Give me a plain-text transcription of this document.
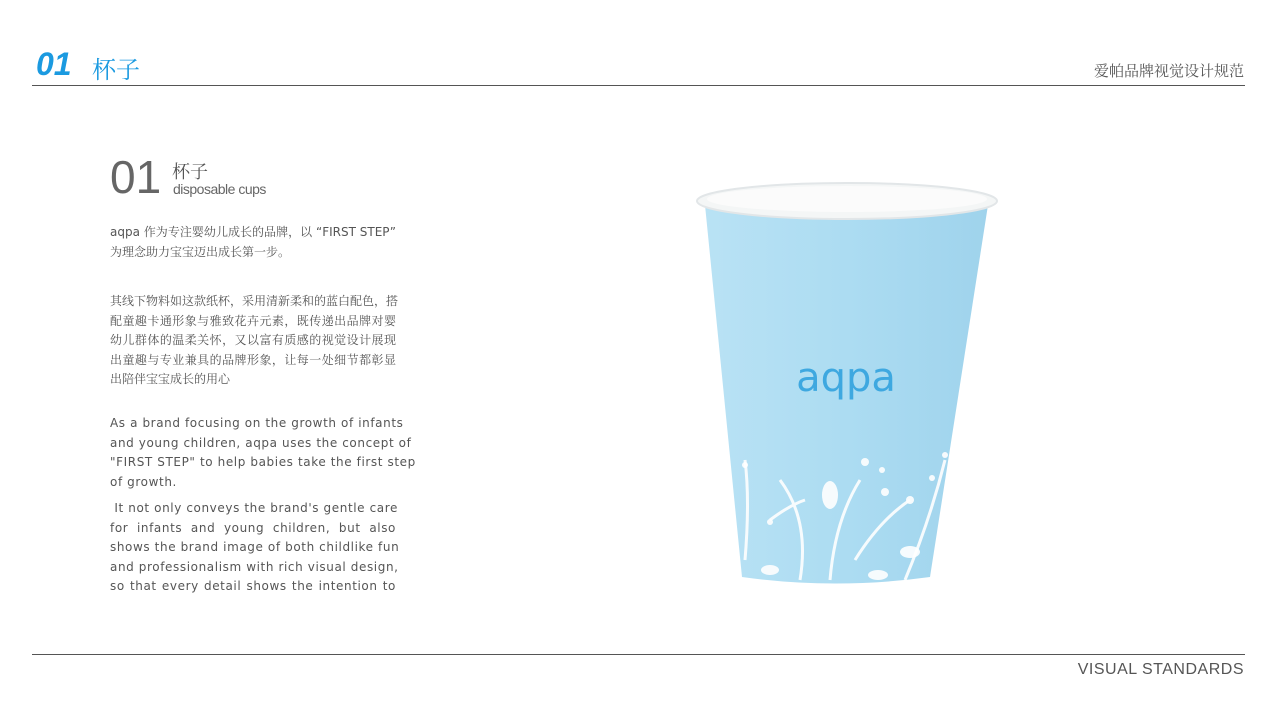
01 杯子	爱帕品牌视觉设计规范
01 杯子
disposable cups
aqpa 作为专注婴幼儿成长的品牌，以 “FIRST STEP”
为理念助力宝宝迈出成长第一步。
其线下物料如这款纸杯，采用清新柔和的蓝白配色，搭
配童趣卡通形象与雅致花卉元素，既传递出品牌对婴
幼儿群体的温柔关怀，又以富有质感的视觉设计展现
出童趣与专业兼具的品牌形象，让每一处细节都彰显
出陪伴宝宝成长的用心
As a brand focusing on the growth of infants
and young children, aqpa uses the concept of
"FIRST STEP" to help babies take the first step
of growth.
It not only conveys the brand's gentle care
for infants and young children, but also
shows the brand image of both childlike fun
and professionalism with rich visual design,
so that every detail shows the intention to
aqpa
VISUAL STANDARDS
